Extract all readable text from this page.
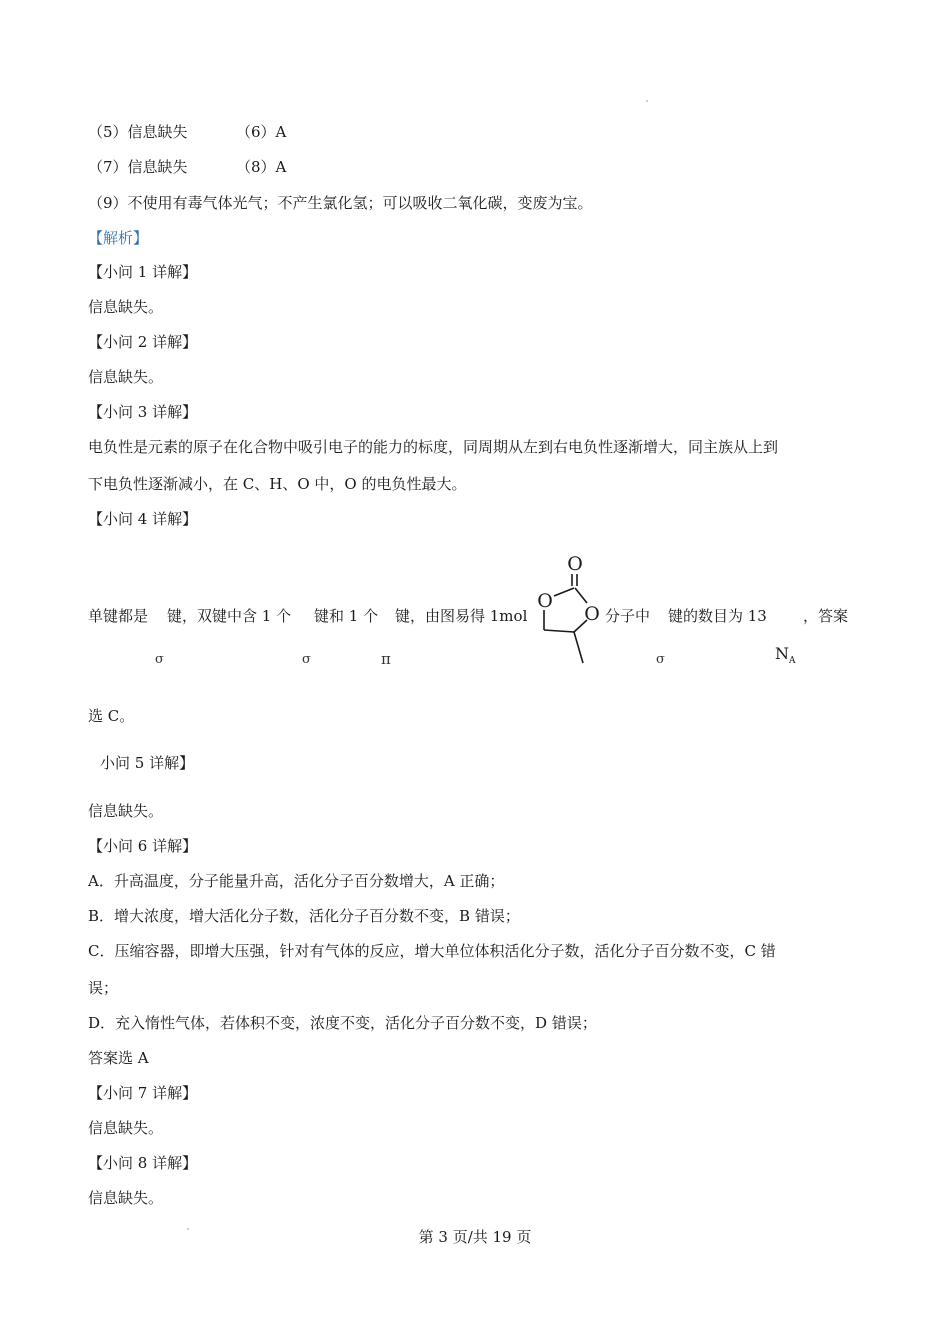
（5）信息缺失	（6）A
（7）信息缺失	（8）A
（9）不使用有毒气体光气；不产生氯化氢；可以吸收二氧化碳，变废为宝。
【解析】
【小问 1 详解】
信息缺失。
【小问 2 详解】
信息缺失。
【小问 3 详解】
电负性是元素的原子在化合物中吸引电子的能力的标度，同周期从左到右电负性逐渐增大，同主族从上到
下电负性逐渐减小，在 C、H、O 中，O 的电负性最大。
【小问 4 详解】
单键都是 键，双键中含 1 个 键和 1 个 键，由图易得 1mol	分子中 键的数目为 13 ，答案
σ	σ	π	σ	$N_A$
O
O
O
选 C。
小问 5 详解】
信息缺失。
【小问 6 详解】
A．升高温度，分子能量升高，活化分子百分数增大，A 正确；
B．增大浓度，增大活化分子数，活化分子百分数不变，B 错误；
C．压缩容器，即增大压强，针对有气体的反应，增大单位体积活化分子数，活化分子百分数不变，C 错
误；
D．充入惰性气体，若体积不变，浓度不变，活化分子百分数不变，D 错误；
答案选 A
【小问 7 详解】
信息缺失。
【小问 8 详解】
信息缺失。
第 3 页/共 19 页
